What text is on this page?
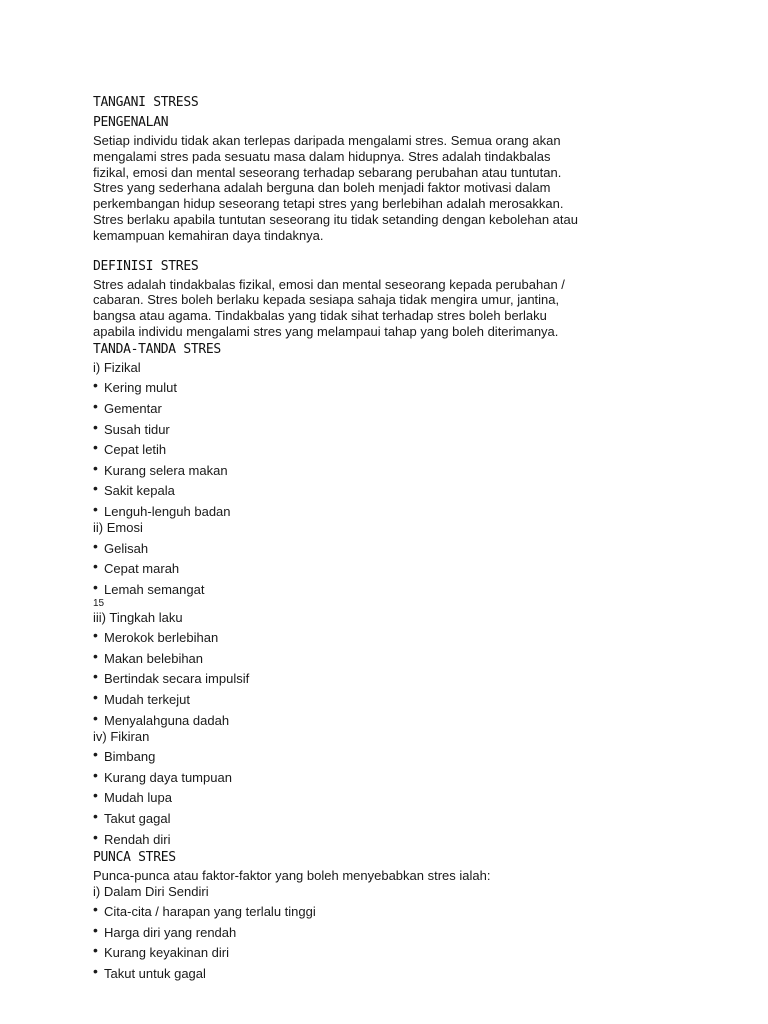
TANGANI STRESS
PENGENALAN
Setiap individu tidak akan terlepas daripada mengalami stres. Semua orang akan
mengalami stres pada sesuatu masa dalam hidupnya. Stres adalah tindakbalas
fizikal, emosi dan mental seseorang terhadap sebarang perubahan atau tuntutan.
Stres yang sederhana adalah berguna dan boleh menjadi faktor motivasi dalam
perkembangan hidup seseorang tetapi stres yang berlebihan adalah merosakkan.
Stres berlaku apabila tuntutan seseorang itu tidak setanding dengan kebolehan atau
kemampuan kemahiran daya tindaknya.
DEFINISI STRES
Stres adalah tindakbalas fizikal, emosi dan mental seseorang kepada perubahan /
cabaran. Stres boleh berlaku kepada sesiapa sahaja tidak mengira umur, jantina,
bangsa atau agama. Tindakbalas yang tidak sihat terhadap stres boleh berlaku
apabila individu mengalami stres yang melampaui tahap yang boleh diterimanya.
TANDA-TANDA STRES
i) Fizikal
• Kering mulut
• Gementar
• Susah tidur
• Cepat letih
• Kurang selera makan
• Sakit kepala
• Lenguh-lenguh badan
ii) Emosi
• Gelisah
• Cepat marah
• Lemah semangat
15
iii) Tingkah laku
• Merokok berlebihan
• Makan belebihan
• Bertindak secara impulsif
• Mudah terkejut
• Menyalahguna dadah
iv) Fikiran
• Bimbang
• Kurang daya tumpuan
• Mudah lupa
• Takut gagal
• Rendah diri
PUNCA STRES
Punca-punca atau faktor-faktor yang boleh menyebabkan stres ialah:
i) Dalam Diri Sendiri
• Cita-cita / harapan yang terlalu tinggi
• Harga diri yang rendah
• Kurang keyakinan diri
• Takut untuk gagal
